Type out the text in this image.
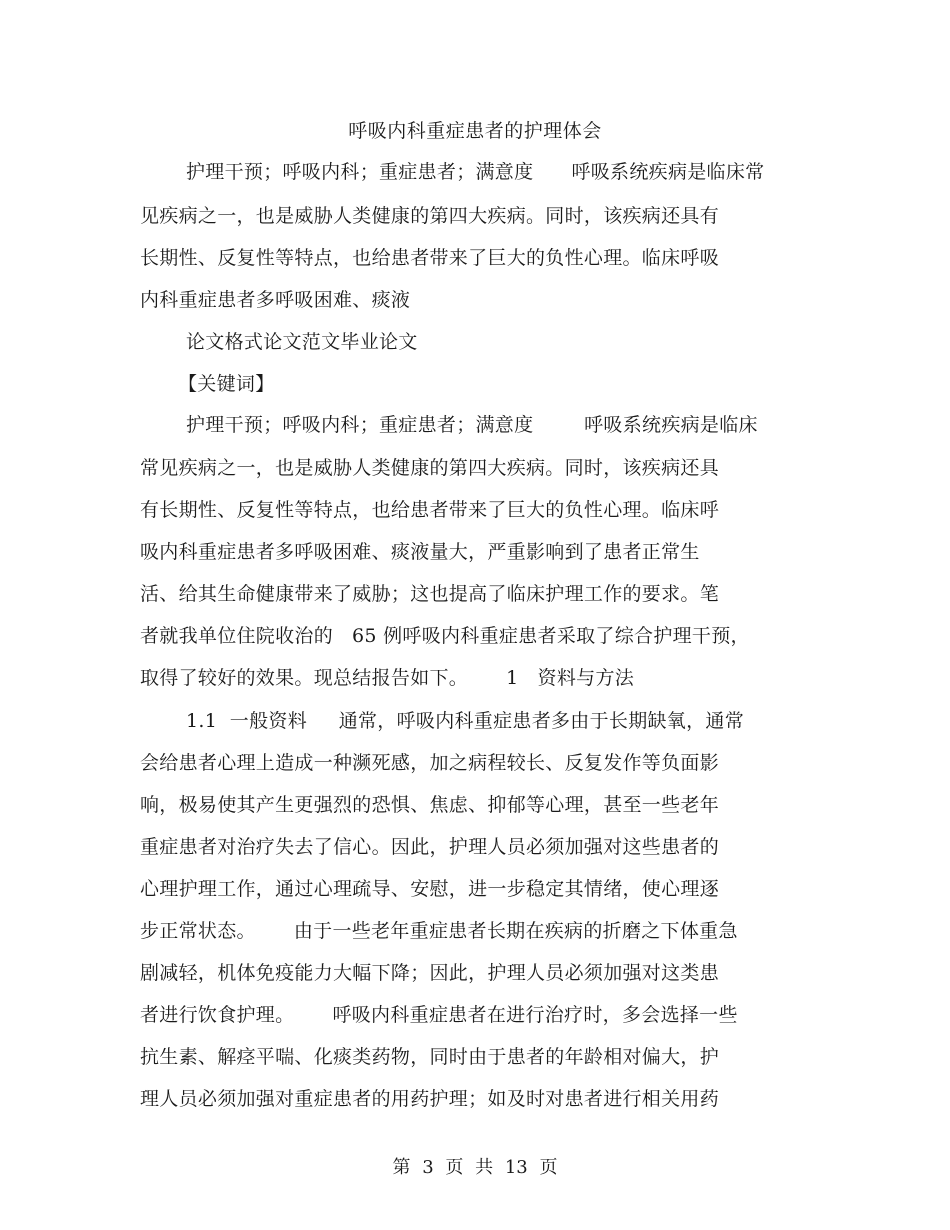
呼吸内科重症患者的护理体会
护理干预；呼吸内科；重症患者；满意度      呼吸系统疾病是临床常
见疾病之一，也是威胁人类健康的第四大疾病。同时，该疾病还具有
长期性、反复性等特点，也给患者带来了巨大的负性心理。临床呼吸
内科重症患者多呼吸困难、痰液
论文格式论文范文毕业论文
【关键词】
护理干预；呼吸内科；重症患者；满意度        呼吸系统疾病是临床
常见疾病之一，也是威胁人类健康的第四大疾病。同时，该疾病还具
有长期性、反复性等特点，也给患者带来了巨大的负性心理。临床呼
吸内科重症患者多呼吸困难、痰液量大，严重影响到了患者正常生
活、给其生命健康带来了威胁；这也提高了临床护理工作的要求。笔
者就我单位住院收治的   65 例呼吸内科重症患者采取了综合护理干预，
取得了较好的效果。现总结报告如下。      1   资料与方法
1.1  一般资料     通常，呼吸内科重症患者多由于长期缺氧，通常
会给患者心理上造成一种濒死感，加之病程较长、反复发作等负面影
响，极易使其产生更强烈的恐惧、焦虑、抑郁等心理，甚至一些老年
重症患者对治疗失去了信心。因此，护理人员必须加强对这些患者的
心理护理工作，通过心理疏导、安慰，进一步稳定其情绪，使心理逐
步正常状态。      由于一些老年重症患者长期在疾病的折磨之下体重急
剧减轻，机体免疫能力大幅下降；因此，护理人员必须加强对这类患
者进行饮食护理。      呼吸内科重症患者在进行治疗时，多会选择一些
抗生素、解痉平喘、化痰类药物，同时由于患者的年龄相对偏大，护
理人员必须加强对重症患者的用药护理；如及时对患者进行相关用药
第 3 页 共 13 页
